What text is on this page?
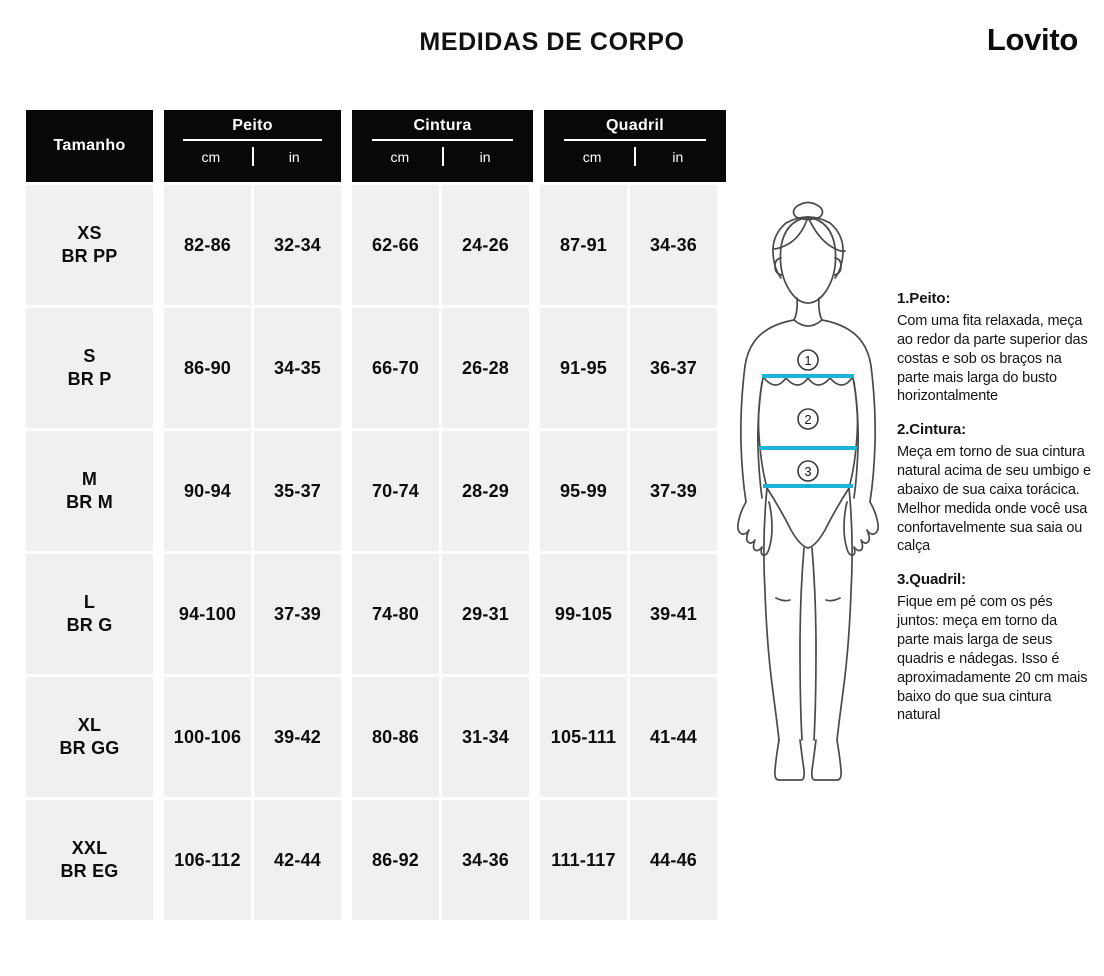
MEDIDAS DE CORPO	Lovito
Tamanho
Peito
cm	in
Cintura
cm	in
Quadril
cm	in
XS
BR PP
82-86	32-34	62-66	24-26	87-91	34-36
S
BR P
86-90	34-35	66-70	26-28	91-95	36-37
M
BR M
90-94	35-37	70-74	28-29	95-99	37-39
L
BR G
94-100	37-39	74-80	29-31	99-105	39-41
XL
BR GG
100-106	39-42	80-86	31-34	105-111	41-44
XXL
BR EG
106-112	42-44	86-92	34-36	111-117	44-46
1
2
3
1.Peito:
Com uma fita relaxada, meça ao redor da parte superior das costas e sob os braços na parte mais larga do busto horizontalmente
2.Cintura:
Meça em torno de sua cintura natural acima de seu umbigo e abaixo de sua caixa torácica. Melhor medida onde você usa confortavelmente sua saia ou calça
3.Quadril:
Fique em pé com os pés juntos: meça em torno da parte mais larga de seus quadris e nádegas. Isso é aproximadamente 20 cm mais baixo do que sua cintura natural
